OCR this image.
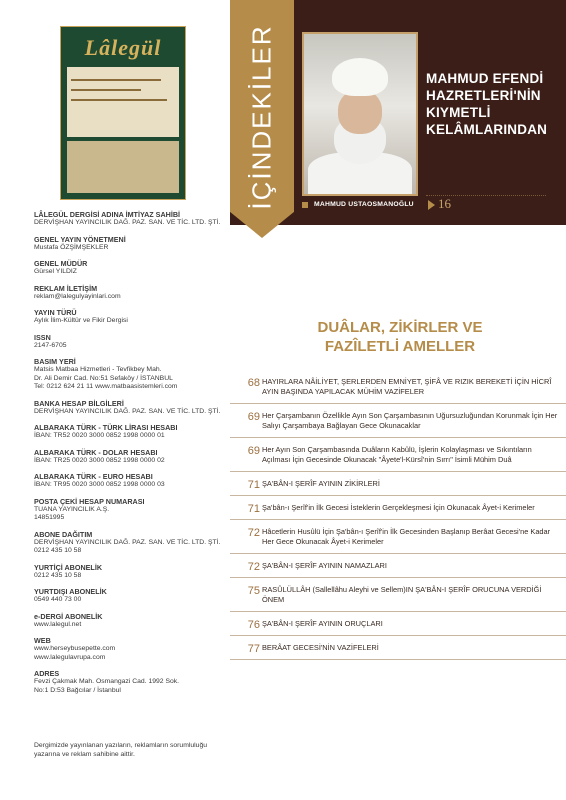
Lâlegül
LÂLEGÜL DERGİSİ ADINA İMTİYAZ SAHİBİ
DERVİŞHAN YAYINCILIK DAĞ. PAZ. SAN. VE TİC. LTD. ŞTİ.
GENEL YAYIN YÖNETMENİ
Mustafa ÖZŞİMŞEKLER
GENEL MÜDÜR
Gürsel YILDIZ
REKLAM İLETİŞİM
reklam@lalegulyayinlari.com
YAYIN TÜRÜ
Aylık İlim-Kültür ve Fikir Dergisi
ISSN
2147-6705
BASIM YERİ
Matsis Matbaa Hizmetleri - Tevfikbey Mah.
Dr. Ali Demir Cad. No:51 Sefaköy / İSTANBUL
Tel: 0212 624 21 11 www.matbaasistemleri.com
BANKA HESAP BİLGİLERİ
DERVİŞHAN YAYINCILIK DAĞ. PAZ. SAN. VE TİC. LTD. ŞTİ.
ALBARAKA TÜRK - TÜRK LİRASI HESABI
İBAN: TR52 0020 3000 0852 1998 0000 01
ALBARAKA TÜRK - DOLAR HESABI
İBAN: TR25 0020 3000 0852 1998 0000 02
ALBARAKA TÜRK - EURO HESABI
İBAN: TR95 0020 3000 0852 1998 0000 03
POSTA ÇEKİ HESAP NUMARASI
TUANA YAYINCILIK A.Ş.
14851995
ABONE DAĞITIM
DERVİŞHAN YAYINCILIK DAĞ. PAZ. SAN. VE TİC. LTD. ŞTİ.
0212 435 10 58
YURTİÇİ ABONELİK
0212 435 10 58
YURTDIŞI ABONELİK
0549 440 73 00
e-DERGİ ABONELİK
www.lalegul.net
WEB
www.herseybusepette.com
www.lalegulavrupa.com
ADRES
Fevzi Çakmak Mah. Osmangazi Cad. 1992 Sok.
No:1 D:53 Bağcılar / İstanbul
Dergimizde yayınlanan yazıların, reklamların sorumluluğu yazarına ve reklam sahibine aittir.
İÇİNDEKİLER	MAHMUD EFENDİ HAZRETLERİ'NİN KIYMETLİ KELÂMLARINDAN
MAHMUD USTAOSMANOĞLU 16
DUÂLAR, ZİKİRLER VE FAZÎLETLİ AMELLER
68 HAYIRLARA NÂİLİYET, ŞERLERDEN EMNİYET, ŞİFÂ VE RIZIK BEREKETİ İÇİN HİCRÎ AYIN BAŞINDA YAPILACAK MÜHİM VAZİFELER
69 Her Çarşambanın Özellikle Ayın Son Çarşambasının Uğursuzluğundan Korunmak İçin Her Salıyı Çarşambaya Bağlayan Gece Okunacaklar
69 Her Ayın Son Çarşambasında Duâların Kabûlü, İşlerin Kolaylaşması ve Sıkıntıların Açılması İçin Gecesinde Okunacak "Âyete'l-Kürsî'nin Sırrı" İsimli Mühim Duâ
71 ŞA'BÂN-I ŞERÎF AYININ ZİKİRLERİ
71 Şa'bân-ı Şerîf'in İlk Gecesi İsteklerin Gerçekleşmesi İçin Okunacak Âyet-i Kerimeler
72 Hâcetlerin Husûlü İçin Şa'bân-ı Şerîf'in İlk Gecesinden Başlanıp Berâat Gecesi'ne Kadar Her Gece Okunacak Âyet-i Kerimeler
72 ŞA'BÂN-I ŞERÎF AYININ NAMAZLARI
75 RASÛLÜLLÂH (Sallellâhu Aleyhi ve Sellem)IN ŞA'BÂN-I ŞERÎF ORUCUNA VERDİĞİ ÖNEM
76 ŞA'BÂN-I ŞERÎF AYININ ORUÇLARI
77 BERÂAT GECESİ'NİN VAZİFELERİ
